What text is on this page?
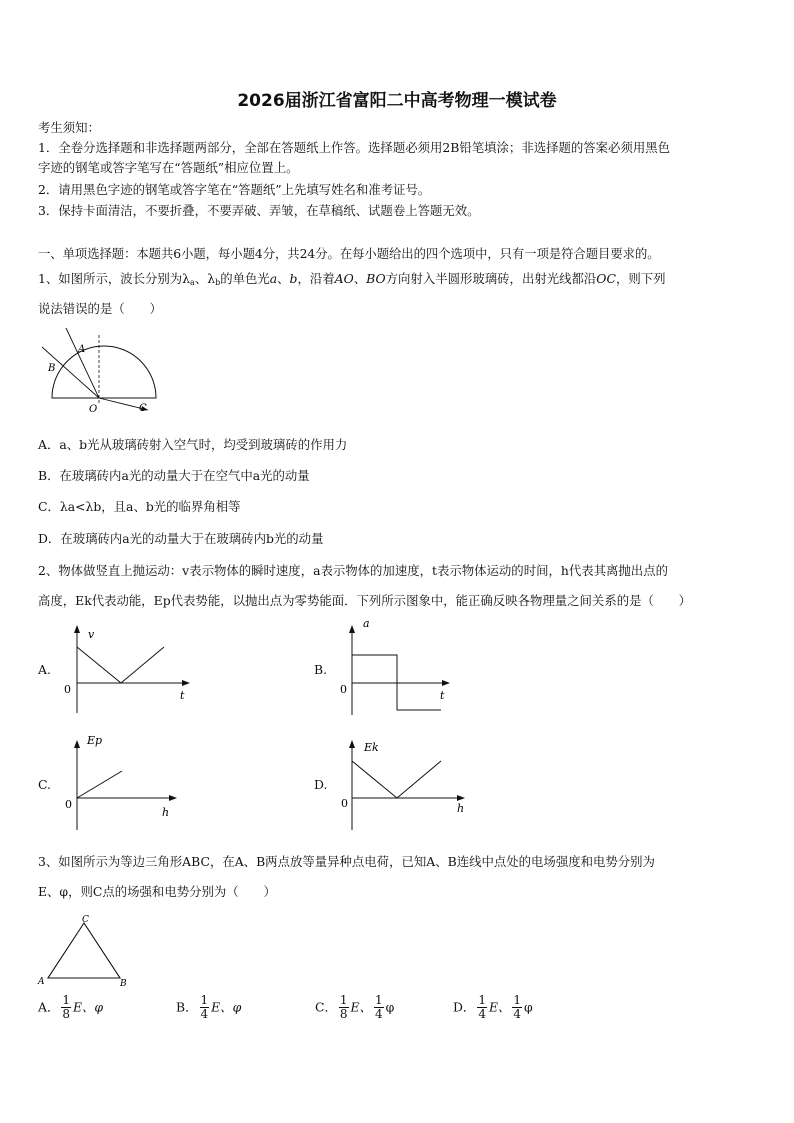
2026届浙江省富阳二中高考物理一模试卷
考生须知：
1．全卷分选择题和非选择题两部分，全部在答题纸上作答。选择题必须用2B铅笔填涂；非选择题的答案必须用黑色
字迹的钢笔或答字笔写在“答题纸”相应位置上。
2．请用黑色字迹的钢笔或答字笔在“答题纸”上先填写姓名和准考证号。
3．保持卡面清洁，不要折叠，不要弄破、弄皱，在草稿纸、试题卷上答题无效。
一、单项选择题：本题共6小题，每小题4分，共24分。在每小题给出的四个选项中，只有一项是符合题目要求的。
1、如图所示，波长分别为$\lambda_a$、$\lambda_b$的单色光a、b，沿着AO、BO方向射入半圆形玻璃砖，出射光线都沿OC，则下列
说法错误的是（　　）
A
B
O	C
A．a、b光从玻璃砖射入空气时，均受到玻璃砖的作用力
B．在玻璃砖内a光的动量大于在空气中a光的动量
C．λa<λb，且a、b光的临界角相等
D．在玻璃砖内a光的动量大于在玻璃砖内b光的动量
2、物体做竖直上抛运动：v表示物体的瞬时速度，a表示物体的加速度，t表示物体运动的时间，h代表其离抛出点的
高度，Ek代表动能，Ep代表势能，以抛出点为零势能面．下列所示图象中，能正确反映各物理量之间关系的是（　　）
A.
v
t
0
B.
a
t
0
C.
Ep
h
0
D.
Ek
h
0
3、如图所示为等边三角形ABC，在A、B两点放等量异种点电荷，已知A、B连线中点处的电场强度和电势分别为
E、φ，则C点的场强和电势分别为（　　）
C
A	B
A． $\frac{1}{8}$ E、φ	B． $\frac{1}{4}$ E、φ	C． $\frac{1}{8}$ E、 $\frac{1}{4}$ φ	D． $\frac{1}{4}$ E、 $\frac{1}{4}$ φ
